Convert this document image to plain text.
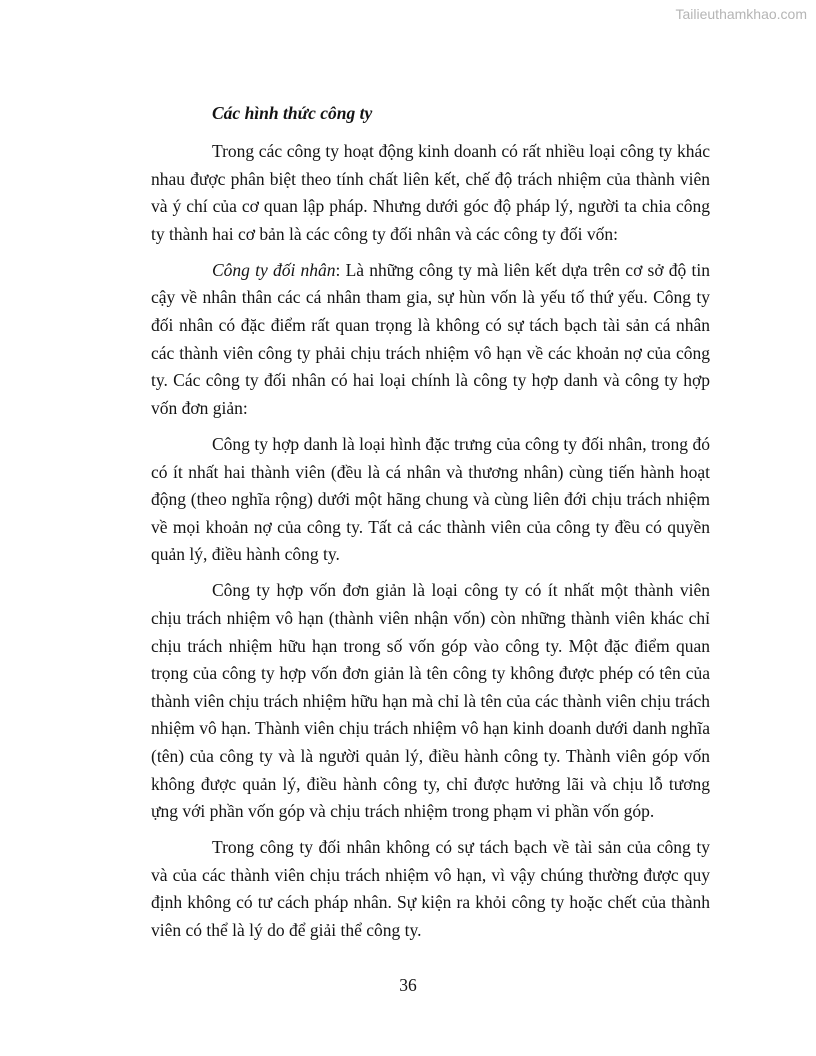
Tailieuthamkhao.com
Các hình thức công ty

Trong các công ty hoạt động kinh doanh có rất nhiều loại công ty khác nhau được phân biệt theo tính chất liên kết, chế độ trách nhiệm của thành viên và ý chí của cơ quan lập pháp. Nhưng dưới góc độ pháp lý, người ta chia công ty thành hai cơ bản là các công ty đối nhân và các công ty đối vốn:

Công ty đối nhân: Là những công ty mà liên kết dựa trên cơ sở độ tin cậy về nhân thân các cá nhân tham gia, sự hùn vốn là yếu tố thứ yếu. Công ty đối nhân có đặc điểm rất quan trọng là không có sự tách bạch tài sản cá nhân các thành viên công ty phải chịu trách nhiệm vô hạn về các khoản nợ của công ty. Các công ty đối nhân có hai loại chính là công ty hợp danh và công ty hợp vốn đơn giản:

Công ty hợp danh là loại hình đặc trưng của công ty đối nhân, trong đó có ít nhất hai thành viên (đều là cá nhân và thương nhân) cùng tiến hành hoạt động (theo nghĩa rộng) dưới một hãng chung và cùng liên đới chịu trách nhiệm về mọi khoản nợ của công ty. Tất cả các thành viên của công ty đều có quyền quản lý, điều hành công ty.

Công ty hợp vốn đơn giản là loại công ty có ít nhất một thành viên chịu trách nhiệm vô hạn (thành viên nhận vốn) còn những thành viên khác chỉ chịu trách nhiệm hữu hạn trong số vốn góp vào công ty. Một đặc điểm quan trọng của công ty hợp vốn đơn giản là tên công ty không được phép có tên của thành viên chịu trách nhiệm hữu hạn mà chỉ là tên của các thành viên chịu trách nhiệm vô hạn. Thành viên chịu trách nhiệm vô hạn kinh doanh dưới danh nghĩa (tên) của công ty và là người quản lý, điều hành công ty. Thành viên góp vốn không được quản lý, điều hành công ty, chỉ được hưởng lãi và chịu lỗ tương ựng với phần vốn góp và chịu trách nhiệm trong phạm vi phần vốn góp.

Trong công ty đối nhân không có sự tách bạch về tài sản của công ty và của các thành viên chịu trách nhiệm vô hạn, vì vậy chúng thường được quy định không có tư cách pháp nhân. Sự kiện ra khỏi công ty hoặc chết của thành viên có thể là lý do để giải thể công ty.

36
